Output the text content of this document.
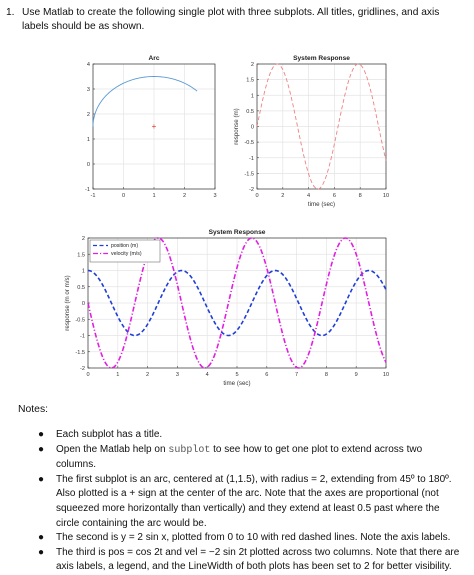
1. Use Matlab to create the following single plot with three subplots. All titles, gridlines, and axis labels should be as shown.
-1	0	1	2	3
-1
0
1
2
3
4
Arc
+
0	2	4	6	8	10
-2
-1.5
-1
-0.5
0
0.5
1
1.5
2
System Response
time (sec)
response (m)
0	1	2	3	4	5	6	7	8	9	10
-2
-1.5
-1
-0.5
0
0.5
1
1.5
2
System Response
time (sec)
response (m or m/s)
position (m)
velocity (m/s)
Notes:
● Each subplot has a title.
● Open the Matlab help on subplot to see how to get one plot to extend across two columns.
● The first subplot is an arc, centered at (1,1.5), with radius = 2, extending from 45º to 180º. Also plotted is a + sign at the center of the arc. Note that the axes are proportional (not squeezed more horizontally than vertically) and they extend at least 0.5 past where the circle containing the arc would be.
● The second is y = 2 sin x, plotted from 0 to 10 with red dashed lines. Note the axis labels.
● The third is pos = cos 2t and vel = −2 sin 2t plotted across two columns. Note that there are axis labels, a legend, and the LineWidth of both plots has been set to 2 for better visibility.
